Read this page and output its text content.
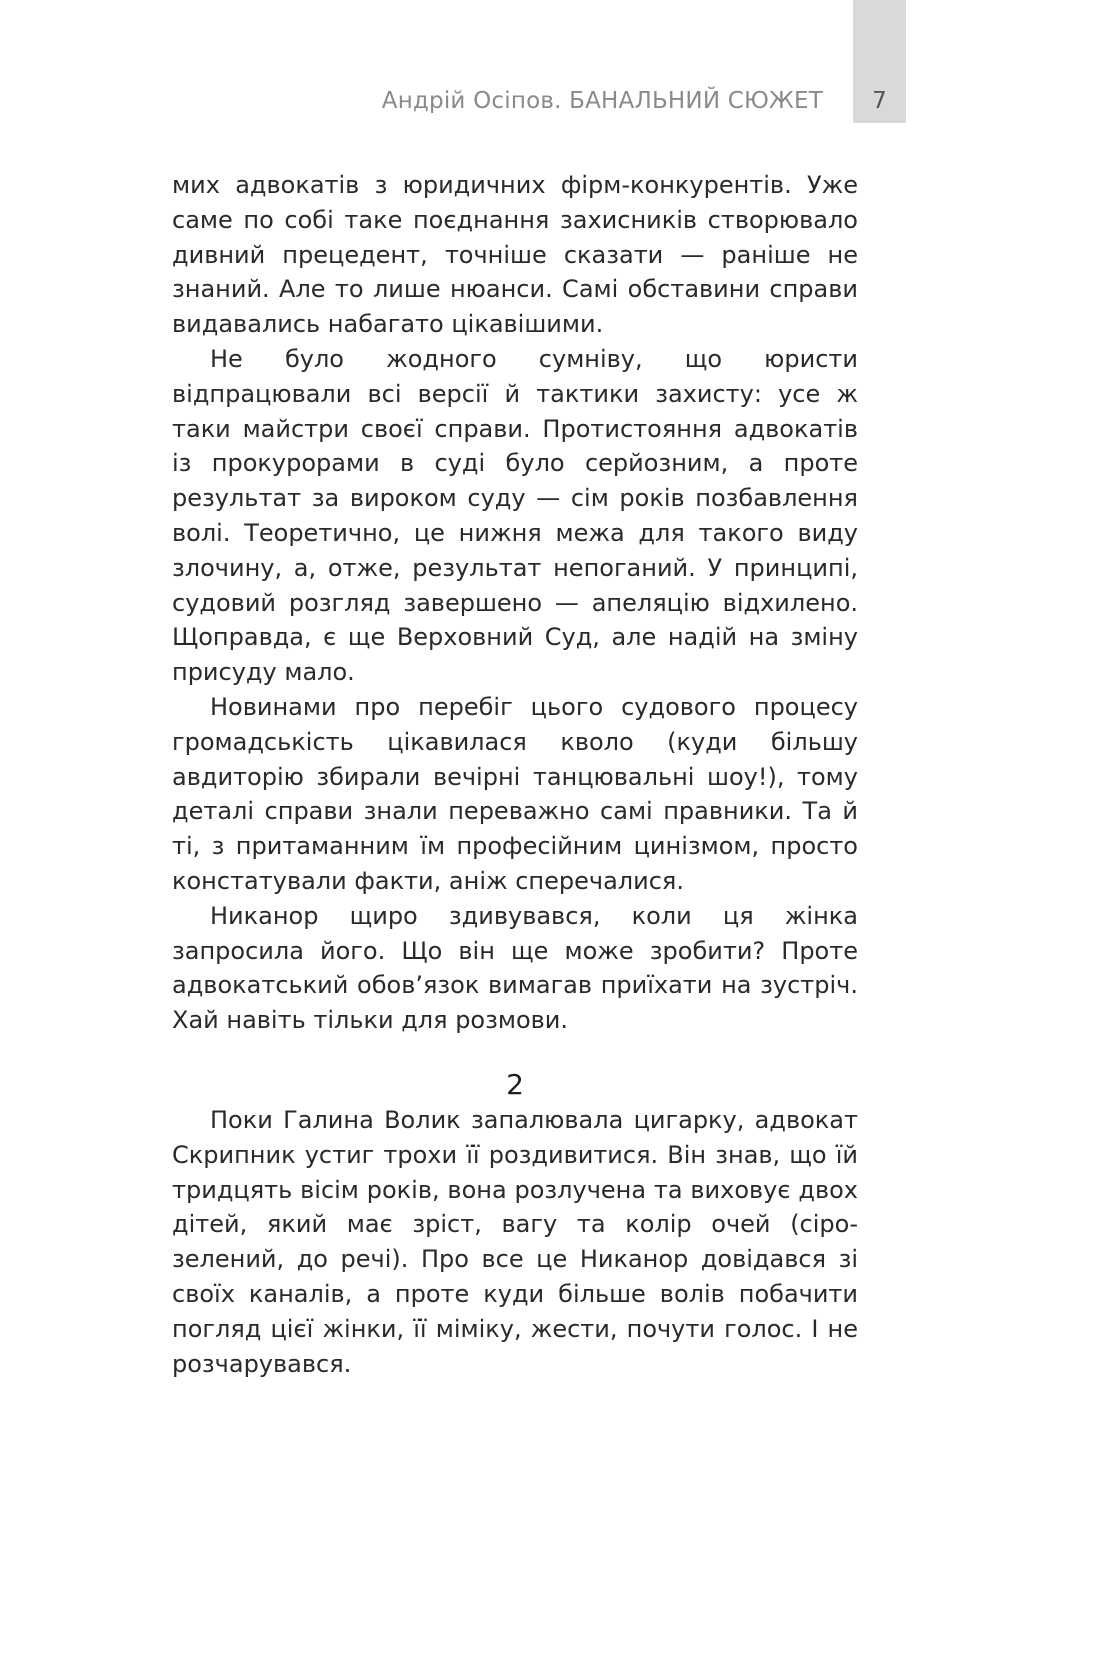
7
Андрій Осіпов. БАНАЛЬНИЙ СЮЖЕТ

мих адвокатів з юридичних фірм-конкурентів. Уже саме по собі таке поєднання захисників створювало дивний прецедент, точніше сказати — раніше не знаний. Але то лише нюанси. Самі обставини справи видавались набагато цікавішими.

Не було жодного сумніву, що юристи відпрацювали всі версії й тактики захисту: усе ж таки майстри своєї справи. Протистояння адвокатів із прокурорами в суді було серйозним, а проте результат за вироком суду — сім років позбавлення волі. Теоретично, це нижня межа для такого виду злочину, а, отже, результат непоганий. У принципі, судовий розгляд завершено — апеляцію відхилено. Щоправда, є ще Верховний Суд, але надій на зміну присуду мало.

Новинами про перебіг цього судового процесу громадськість цікавилася кволо (куди більшу авдиторію збирали вечірні танцювальні шоу!), тому деталі справи знали переважно самі правники. Та й ті, з притаманним їм професійним цинізмом, просто констатували факти, аніж сперечалися.

Никанор щиро здивувався, коли ця жінка запросила його. Що він ще може зробити? Проте адвокатський обов’язок вимагав приїхати на зустріч. Хай навіть тільки для розмови.

2

Поки Галина Волик запалювала цигарку, адвокат Скрипник устиг трохи її роздивитися. Він знав, що їй тридцять вісім років, вона розлучена та виховує двох дітей, який має зріст, вагу та колір очей (сіро-зелений, до речі). Про все це Никанор довідався зі своїх каналів, а проте куди більше волів побачити погляд цієї жінки, її міміку, жести, почути голос. І не розчарувався.
